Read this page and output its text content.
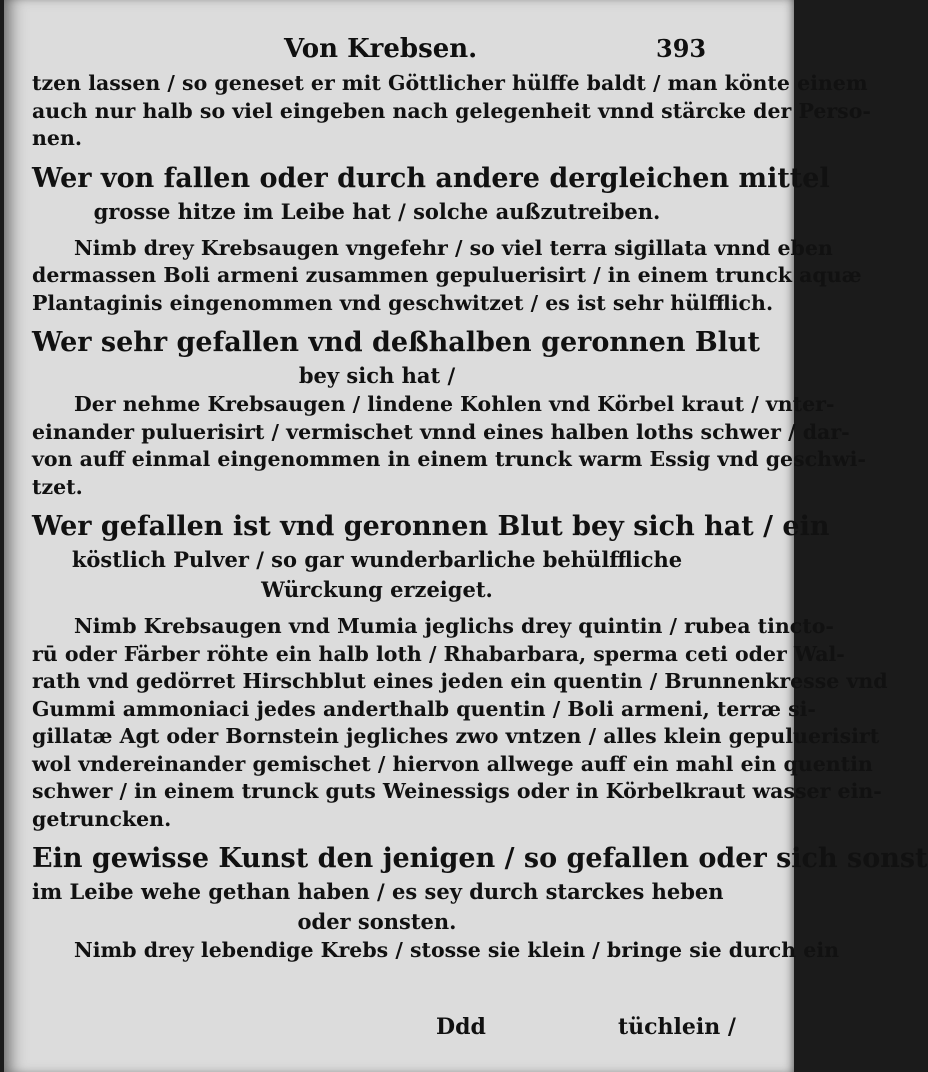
Von Krebsen.	393
tzen lassen / so geneset er mit Göttlicher hülffe baldt / man könte einem
auch nur halb so viel eingeben nach gelegenheit vnnd stärcke der Perso-
nen.
Wer von fallen oder durch andere dergleichen mittel
grosse hitze im Leibe hat / solche außzutreiben.
Nimb drey Krebsaugen vngefehr / so viel terra sigillata vnnd eben
dermassen Boli armeni zusammen gepuluerisirt / in einem trunck aquæ
Plantaginis eingenommen vnd geschwitzet / es ist sehr hülfflich.
Wer sehr gefallen vnd deßhalben geronnen Blut
bey sich hat /
Der nehme Krebsaugen / lindene Kohlen vnd Körbel kraut / vnter-
einander puluerisirt / vermischet vnnd eines halben loths schwer / dar-
von auff einmal eingenommen in einem trunck warm Essig vnd geschwi-
tzet.
Wer gefallen ist vnd geronnen Blut bey sich hat / ein
köstlich Pulver / so gar wunderbarliche behülffliche
Würckung erzeiget.
Nimb Krebsaugen vnd Mumia jeglichs drey quintin / rubea tincto-
rū oder Färber röhte ein halb loth / Rhabarbara, sperma ceti oder Wal-
rath vnd gedörret Hirschblut eines jeden ein quentin / Brunnenkresse vnd
Gummi ammoniaci jedes anderthalb quentin / Boli armeni, terræ si-
gillatæ Agt oder Bornstein jegliches zwo vntzen / alles klein gepuluerisirt
wol vndereinander gemischet / hiervon allwege auff ein mahl ein quentin
schwer / in einem trunck guts Weinessigs oder in Körbelkraut wasser ein-
getruncken.
Ein gewisse Kunst den jenigen / so gefallen oder sich sonst
im Leibe wehe gethan haben / es sey durch starckes heben
oder sonsten.
Nimb drey lebendige Krebs / stosse sie klein / bringe sie durch ein
Ddd	tüchlein /
